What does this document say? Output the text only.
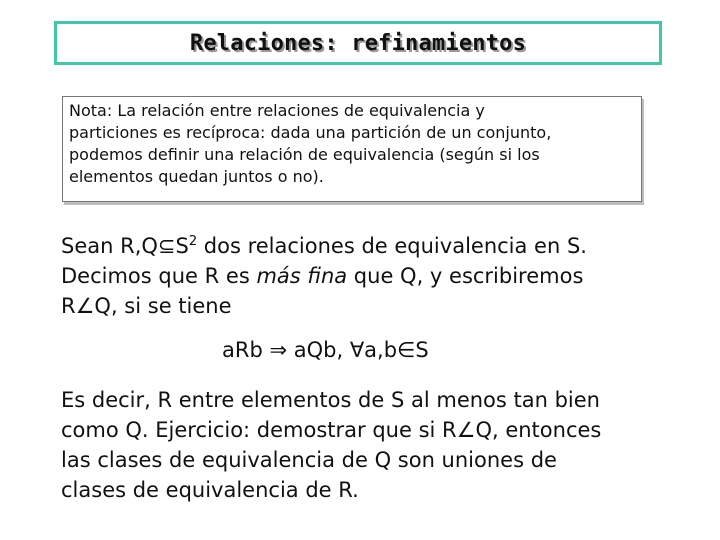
Relaciones: refinamientos
Nota: La relación entre relaciones de equivalencia y
particiones es recíproca: dada una partición de un conjunto,
podemos definir una relación de equivalencia (según si los
elementos quedan juntos o no).
Sean $R,Q⊆S^2$ dos relaciones de equivalencia en S.
Decimos que R es más fina que Q, y escribiremos
R∠Q, si se tiene
aRb ⇒ aQb, ∀a,b∈S
Es decir, R entre elementos de S al menos tan bien
como Q. Ejercicio: demostrar que si R∠Q, entonces
las clases de equivalencia de Q son uniones de
clases de equivalencia de R.
